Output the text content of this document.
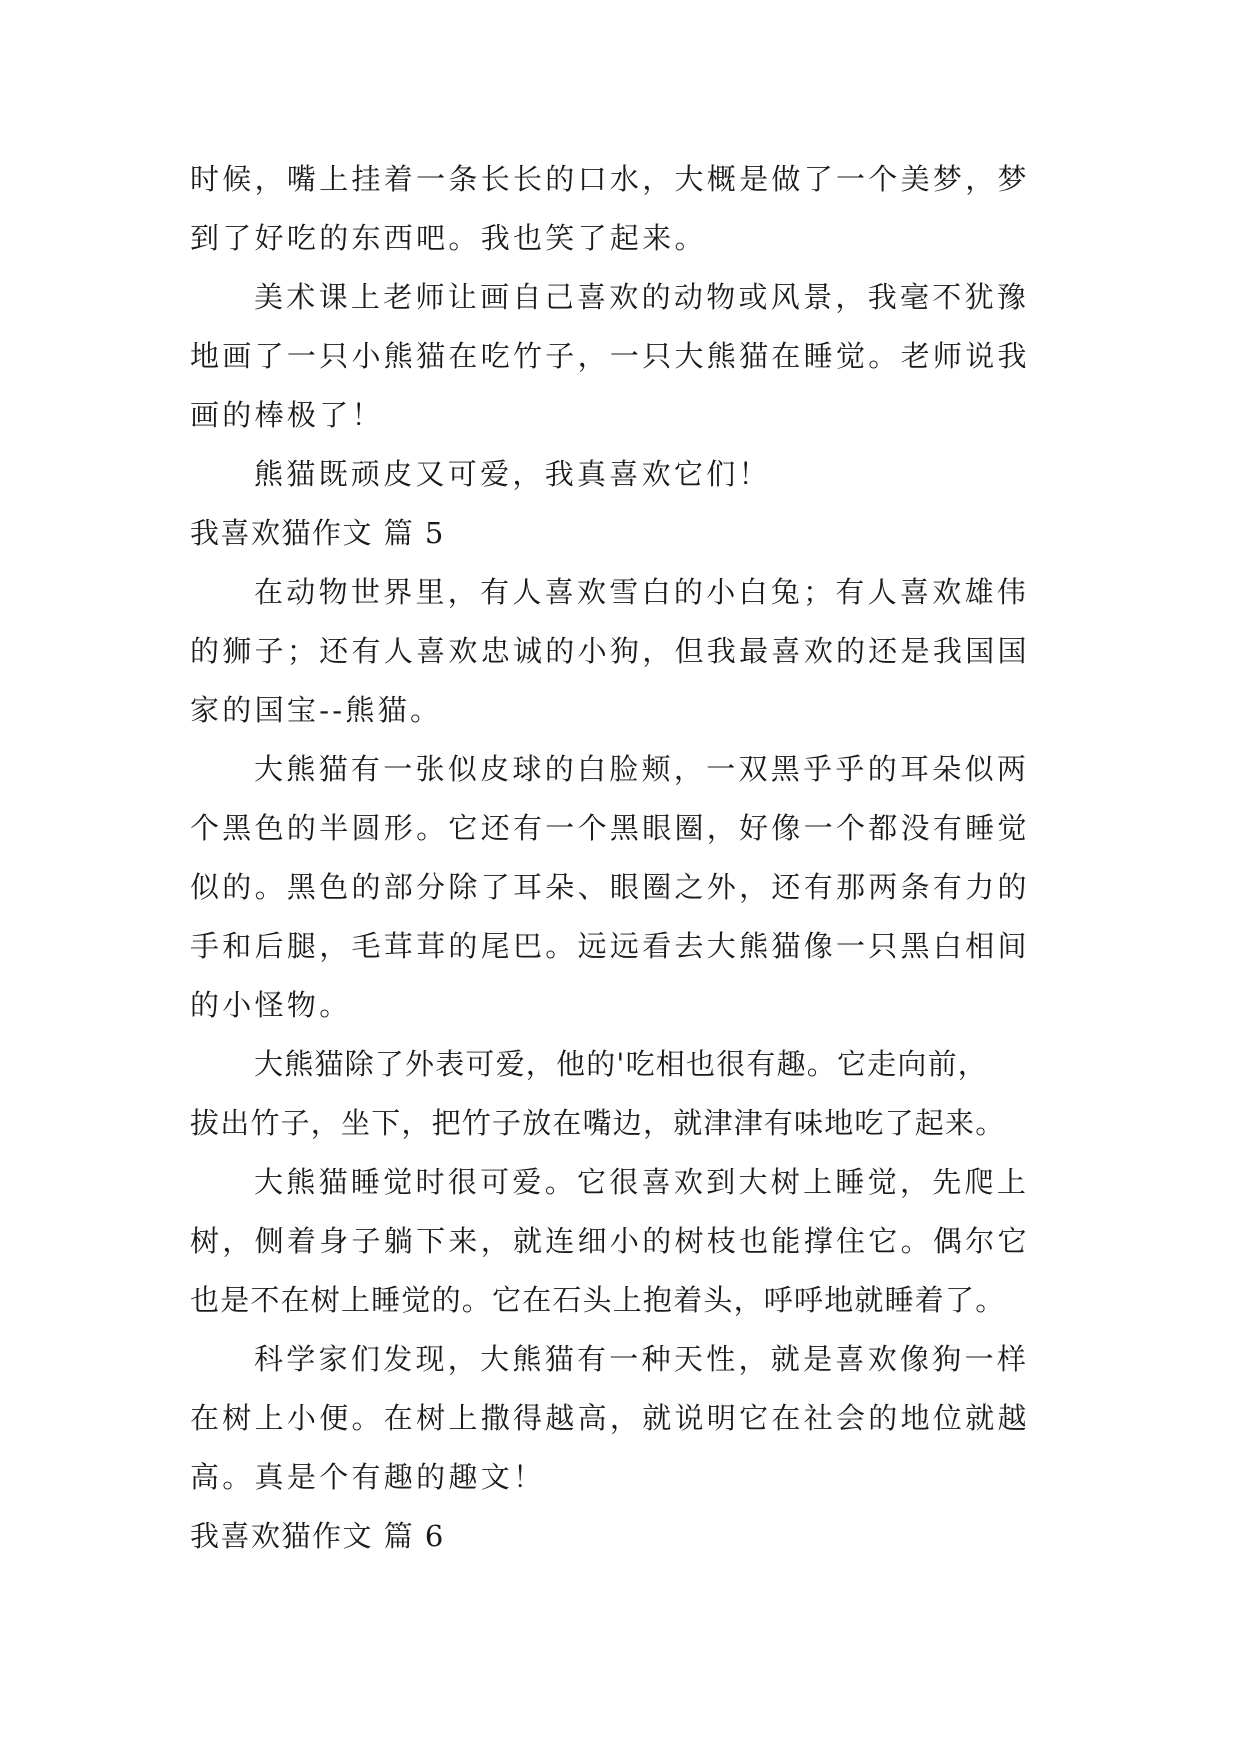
时候，嘴上挂着一条长长的口水，大概是做了一个美梦，梦
到了好吃的东西吧。我也笑了起来。
美术课上老师让画自己喜欢的动物或风景，我毫不犹豫
地画了一只小熊猫在吃竹子，一只大熊猫在睡觉。老师说我
画的棒极了！
熊猫既顽皮又可爱，我真喜欢它们！
我喜欢猫作文 篇 5
在动物世界里，有人喜欢雪白的小白兔；有人喜欢雄伟
的狮子；还有人喜欢忠诚的小狗，但我最喜欢的还是我国国
家的国宝--熊猫。
大熊猫有一张似皮球的白脸颊，一双黑乎乎的耳朵似两
个黑色的半圆形。它还有一个黑眼圈，好像一个都没有睡觉
似的。黑色的部分除了耳朵、眼圈之外，还有那两条有力的
手和后腿，毛茸茸的尾巴。远远看去大熊猫像一只黑白相间
的小怪物。
大熊猫除了外表可爱，他的'吃相也很有趣。它走向前，
拔出竹子，坐下，把竹子放在嘴边，就津津有味地吃了起来。
大熊猫睡觉时很可爱。它很喜欢到大树上睡觉，先爬上
树，侧着身子躺下来，就连细小的树枝也能撑住它。偶尔它
也是不在树上睡觉的。它在石头上抱着头，呼呼地就睡着了。
科学家们发现，大熊猫有一种天性，就是喜欢像狗一样
在树上小便。在树上撒得越高，就说明它在社会的地位就越
高。真是个有趣的趣文！
我喜欢猫作文 篇 6
